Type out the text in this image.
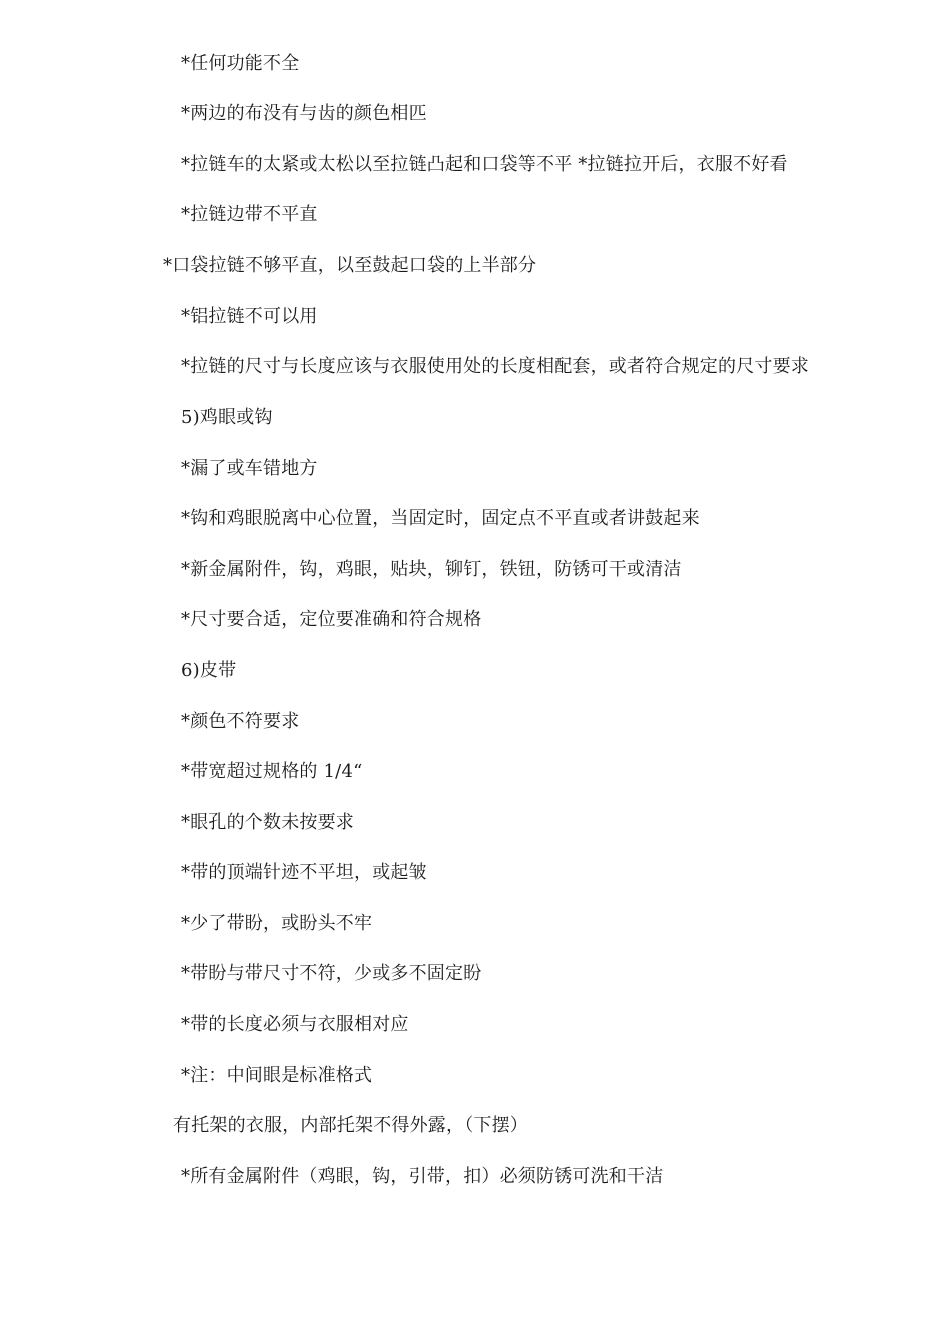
*任何功能不全
*两边的布没有与齿的颜色相匹
*拉链车的太紧或太松以至拉链凸起和口袋等不平 *拉链拉开后，衣服不好看
*拉链边带不平直
*口袋拉链不够平直，以至鼓起口袋的上半部分
*铝拉链不可以用
*拉链的尺寸与长度应该与衣服使用处的长度相配套，或者符合规定的尺寸要求
5)鸡眼或钩
*漏了或车错地方
*钩和鸡眼脱离中心位置，当固定时，固定点不平直或者讲鼓起来
*新金属附件，钩，鸡眼，贴块，铆钉，铁钮，防锈可干或清洁
*尺寸要合适，定位要准确和符合规格
6)皮带
*颜色不符要求
*带宽超过规格的 1/4“
*眼孔的个数未按要求
*带的顶端针迹不平坦，或起皱
*少了带盼，或盼头不牢
*带盼与带尺寸不符，少或多不固定盼
*带的长度必须与衣服相对应
*注：中间眼是标准格式
有托架的衣服，内部托架不得外露，（下摆）
*所有金属附件（鸡眼，钩，引带，扣）必须防锈可洗和干洁
